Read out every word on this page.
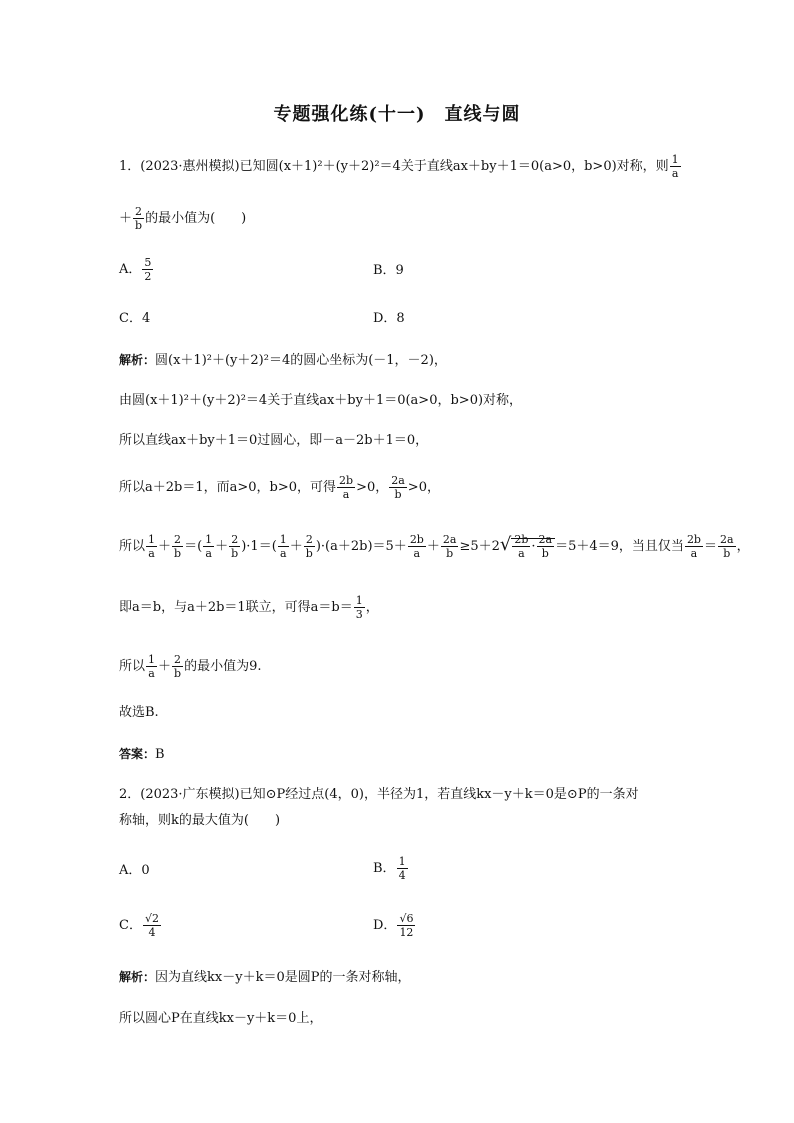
专题强化练(十一)　直线与圆
1．(2023·惠州模拟)已知圆(x＋1)²＋(y＋2)²＝4关于直线ax＋by＋1＝0(a>0，b>0)对称，则 $\frac{1}{a}$
＋ $\frac{2}{b}$ 的最小值为(　　)
A． $\frac{5}{2}$	B．9
C．4	D．8
解析：圆(x＋1)²＋(y＋2)²＝4的圆心坐标为(－1，－2)，
由圆(x＋1)²＋(y＋2)²＝4关于直线ax＋by＋1＝0(a>0，b>0)对称，
所以直线ax＋by＋1＝0过圆心，即－a－2b＋1＝0，
所以a＋2b＝1，而a>0，b>0，可得 $\frac{2b}{a} >0$， $\frac{2a}{b} >0$，
所以 $\frac{1}{a} + \frac{2}{b}$ ＝( $\frac{1}{a} + \frac{2}{b} )\cdot 1=( \frac{1}{a} + \frac{2}{b} )\cdot(a+2b)=5+ \frac{2b}{a} + \frac{2a}{b} \ge 5+2√ \frac{2b}{a} \cdot \frac{2a}{b} =5+4=9$，当且仅当 $\frac{2b}{a} = \frac{2a}{b}$ ，
即a＝b，与a＋2b＝1联立，可得$a=b= \frac{1}{3}$ ，
所以 $\frac{1}{a} + \frac{2}{b}$ 的最小值为9.
故选B.
答案：B
2．(2023·广东模拟)已知⊙P经过点(4，0)，半径为1，若直线kx－y＋k＝0是⊙P的一条对
称轴，则k的最大值为(　　)
A．0	B． $\frac{1}{4}$
C． $\frac{√2}{4}$	D． $\frac{√6}{12}$
解析：因为直线kx－y＋k＝0是圆P的一条对称轴，
所以圆心P在直线kx－y＋k＝0上，
